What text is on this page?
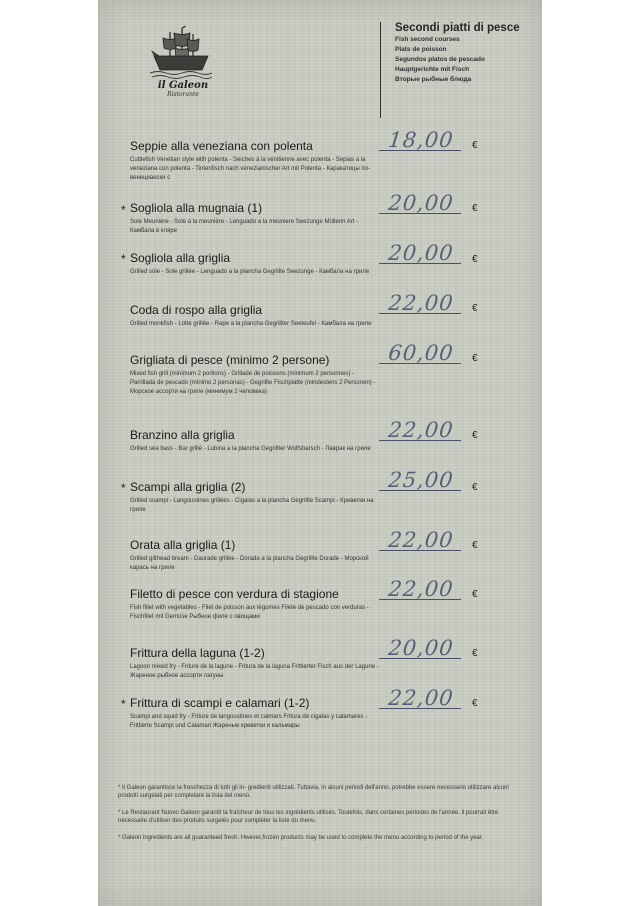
il Galeon
Ristorante
Secondi piatti di pesce
Fish second courses
Plats de poisson
Segundos platos de pescado
Hauptgerichte mit Fisch
Вторые рыбные блюда
Seppie alla veneziana con polenta
Cuttlefish Venetian style with polenta - Seiches à la vénitienne avec polenta - Sepias a la veneziana con polenta - Tintenfisch nach venezianischer Art mit Polenta - Каракатицы по-венециански с
18,00	€
* Sogliola alla mugnaia (1)
Sole Meunière - Sole à la meunière - Lenguado a la meuniere Seezunge Müllerin Art - Камбала в кляре
20,00	€
* Sogliola alla griglia
Grilled sole - Sole grillée - Lenguado a la plancha Gegrillte Seezunge - Камбала на гриле
20,00	€
Coda di rospo alla griglia
Grilled monkfish - Lotte grillée - Rape a la plancha Gegrillter Seeteufel - Камбала на гриле
22,00	€
Grigliata di pesce (minimo 2 persone)
Mixed fish grill (minimum 2 portions) - Grillade de poissons (minimum 2 personnes) - Parrillada de pescado (mínimo 2 personas) - Gegrillte Fischplatte (mindestens 2 Personen) - Морское ассорти на гриле (минимум 2 человека)
60,00	€
Branzino alla griglia
Grilled sea bass - Bar grillé - Lubina a la plancha Gegrillter Wolfsbarsch - Лаврак на гриле
22,00	€
* Scampi alla griglia (2)
Grilled scampi - Langoustines grillées - Cigalas a la plancha Gegrillte Scampi - Креветки на гриле
25,00	€
Orata alla griglia (1)
Grilled gilthead bream - Daurade grillée - Dorada a la plancha Gegrillte Dorade - Морской карась на гриле
22,00	€
Filetto di pesce con verdura di stagione
Fish fillet with vegetables - Filet de poisson aux légumes Filete de pescado con verduras - Fischfilet mit Gemüse Рыбное филе с овощами
22,00	€
Frittura della laguna (1-2)
Lagoon mixed fry - Friture de la lagune - Fritura de la laguna Frittierter Fisch aus der Lagune - Жареное рыбное ассорти лагуны
20,00	€
* Frittura di scampi e calamari (1-2)
Scampi and squid fry - Friture de langoustines et calmars Fritura de cigalas y calamares - Frittierte Scampi und Calamari Жареные креветки и кальмары
22,00	€
* Il Galeon garantisce la freschezza di tutti gli in- gredienti utilizzati. Tuttavia, in alcuni periodi dell'anno, potrebbe essere necessario utilizzare alcuni prodotti surgelati per completare la lista del menù.
* Le Restaurant Nuovo Galeon garantit la fraîcheur de tous les ingrédients utilisés. Toutefois, dans certaines périodes de l'année, il pourrait être nécessaire d'utiliser des produits surgelés pour compléter la liste du menu.
* Galeon ingredients are all guaranteed fresh. Hwever,frozen products may be used to complete the menu according to period of the year.
